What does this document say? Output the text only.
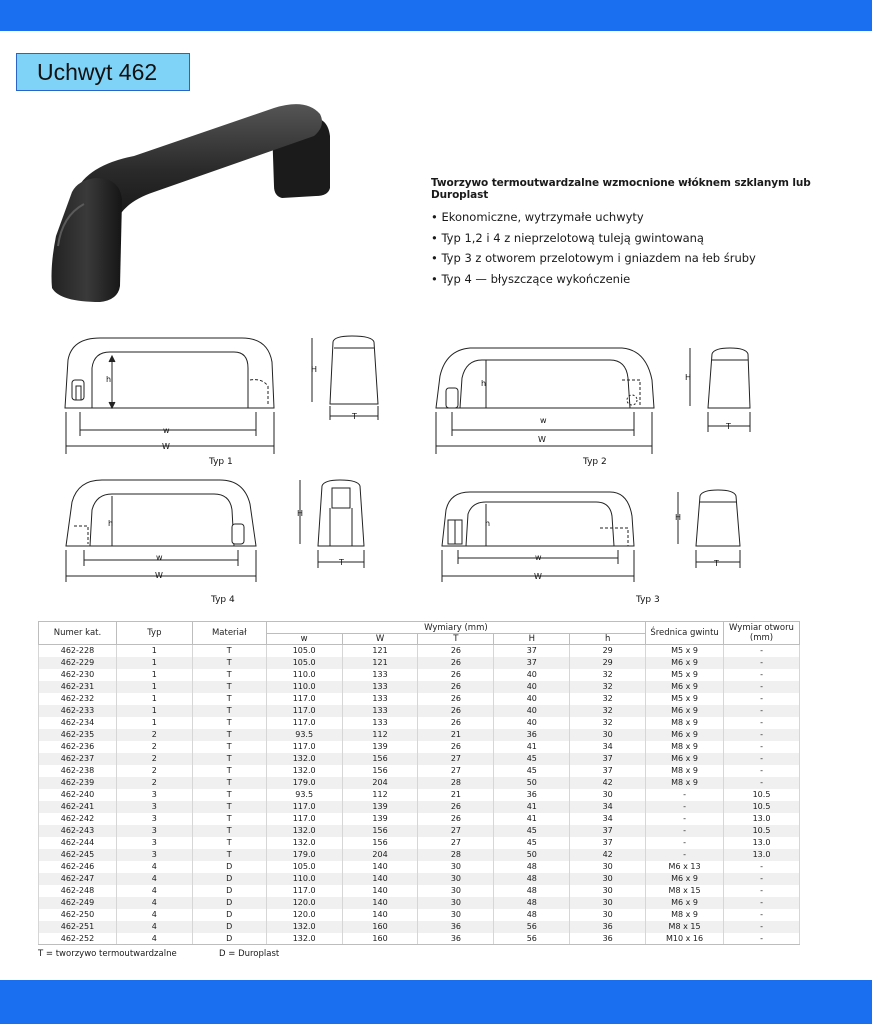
Uchwyt 462
Tworzywo termoutwardzalne wzmocnione włóknem szklanym lub Duroplast
• Ekonomiczne, wytrzymałe uchwyty
• Typ 1,2 i 4 z nieprzelotową tuleją gwintowaną
• Typ 3 z otworem przelotowym i gniazdem na łeb śruby
• Typ 4 — błyszczące wykończenie
h
w
W
H
T
h
w
W
H
T
h
w
W
H
T
h
w
W
H
T
Typ 1	Typ 2
Typ 4	Typ 3
Numer kat.	Typ	Materiał	Wymiary (mm)					Średnica gwintu	Wymiar otworu (mm)
			w	W	T	H	h		
462-228	1	T	105.0	121	26	37	29	M5 x 9	-
462-229	1	T	105.0	121	26	37	29	M6 x 9	-
462-230	1	T	110.0	133	26	40	32	M5 x 9	-
462-231	1	T	110.0	133	26	40	32	M6 x 9	-
462-232	1	T	117.0	133	26	40	32	M5 x 9	-
462-233	1	T	117.0	133	26	40	32	M6 x 9	-
462-234	1	T	117.0	133	26	40	32	M8 x 9	-
462-235	2	T	93.5	112	21	36	30	M6 x 9	-
462-236	2	T	117.0	139	26	41	34	M8 x 9	-
462-237	2	T	132.0	156	27	45	37	M6 x 9	-
462-238	2	T	132.0	156	27	45	37	M8 x 9	-
462-239	2	T	179.0	204	28	50	42	M8 x 9	-
462-240	3	T	93.5	112	21	36	30	-	10.5
462-241	3	T	117.0	139	26	41	34	-	10.5
462-242	3	T	117.0	139	26	41	34	-	13.0
462-243	3	T	132.0	156	27	45	37	-	10.5
462-244	3	T	132.0	156	27	45	37	-	13.0
462-245	3	T	179.0	204	28	50	42	-	13.0
462-246	4	D	105.0	140	30	48	30	M6 x 13	-
462-247	4	D	110.0	140	30	48	30	M6 x 9	-
462-248	4	D	117.0	140	30	48	30	M8 x 15	-
462-249	4	D	120.0	140	30	48	30	M6 x 9	-
462-250	4	D	120.0	140	30	48	30	M8 x 9	-
462-251	4	D	132.0	160	36	56	36	M8 x 15	-
462-252	4	D	132.0	160	36	56	36	M10 x 16	-
T = tworzywo termoutwardzalne	D = Duroplast
